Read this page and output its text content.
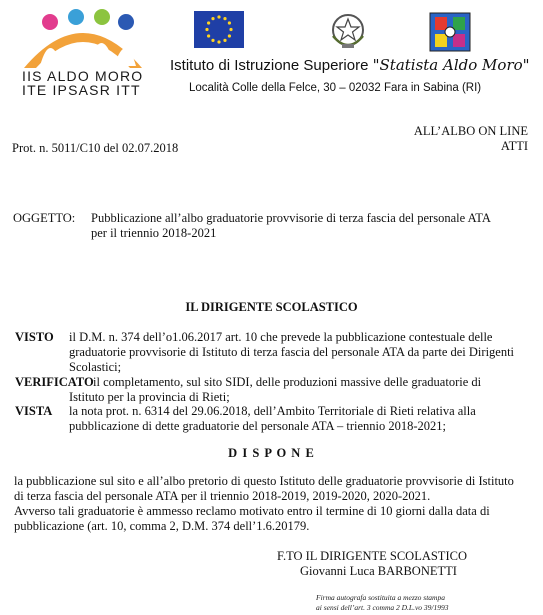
IIS ALDO MORO
ITE IPSASR ITT
Istituto di Istruzione Superiore "Statista Aldo Moro"
Località Colle della Felce, 30 – 02032 Fara in Sabina (RI)
Prot. n. 5011/C10 del 02.07.2018
ALL’ALBO ON LINE
ATTI
OGGETTO: Pubblicazione all’albo graduatorie provvisorie di terza fascia del personale ATA
per il triennio 2018-2021
IL DIRIGENTE SCOLASTICO
VISTO il D.M. n. 374 dell’o1.06.2017 art. 10 che prevede la pubblicazione contestuale delle
graduatorie provvisorie di Istituto di terza fascia del personale ATA da parte dei Dirigenti
Scolastici;
VERIFICATO il completamento, sul sito SIDI, delle produzioni massive delle graduatorie di
Istituto per la provincia di Rieti;
VISTA la nota prot. n. 6314 del 29.06.2018, dell’Ambito Territoriale di Rieti relativa alla
pubblicazione di dette graduatorie del personale ATA – triennio 2018-2021;
D I S P O N E
la pubblicazione sul sito e all’albo pretorio di questo Istituto delle graduatorie provvisorie di Istituto
di terza fascia del personale ATA per il triennio 2018-2019, 2019-2020, 2020-2021.
Avverso tali graduatorie è ammesso reclamo motivato entro il termine di 10 giorni dalla data di
pubblicazione (art. 10, comma 2, D.M. 374 dell’1.6.20179.
F.TO IL DIRIGENTE SCOLASTICO
Giovanni Luca BARBONETTI
Firma autografa sostituita a mezzo stampa
ai sensi dell’art. 3 comma 2 D.L.vo 39/1993
